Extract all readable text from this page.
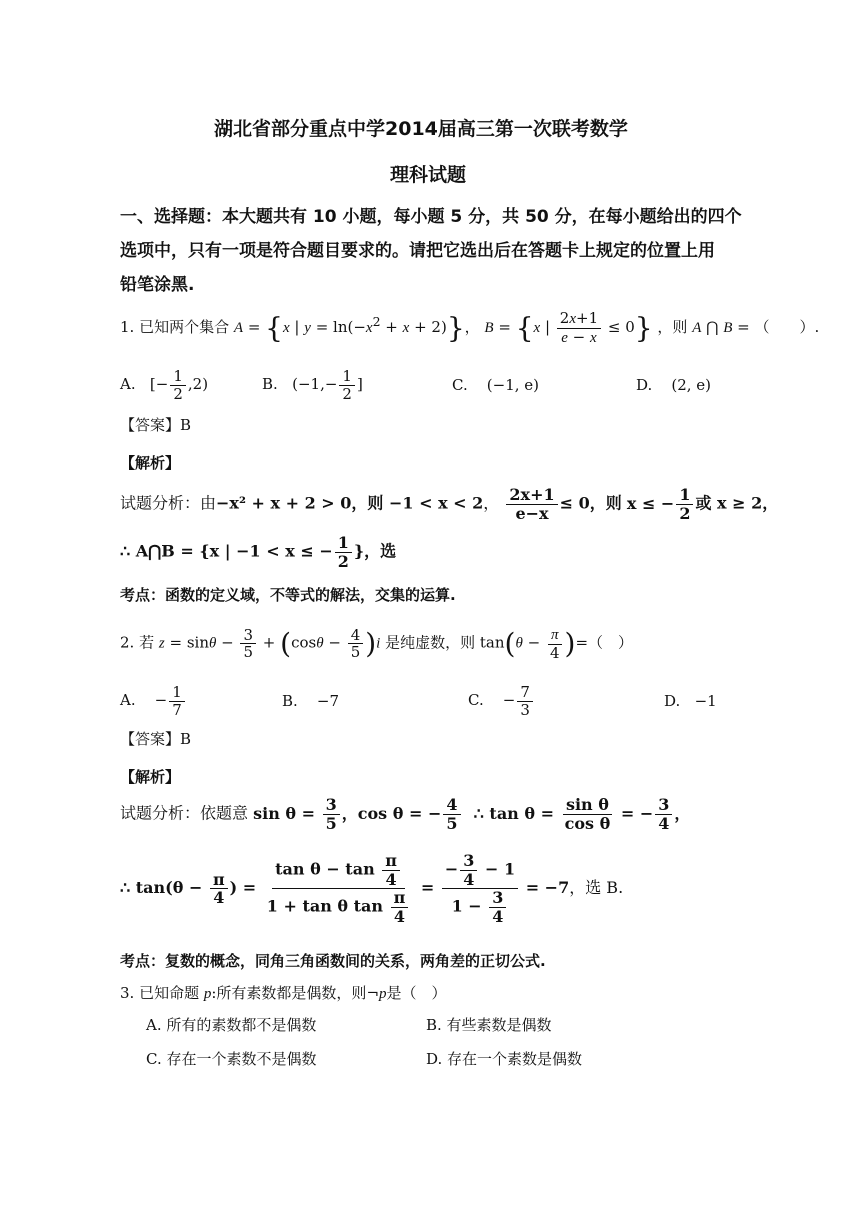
湖北省部分重点中学2014届高三第一次联考数学
理科试题
一、选择题：本大题共有 10 小题，每小题 5 分，共 50 分，在每小题给出的四个
选项中，只有一项是符合题目要求的。请把它选出后在答题卡上规定的位置上用
铅笔涂黑.
1. 已知两个集合 A = {x | $y = \ln(-x^2 + x + 2)$}， B = {x | $\frac{2x+1}{e - x} \le 0$} ，则 A ⋂ B = （　　）.
A. [− $\frac{1}{2} ,2$)	B. ($-1,- \frac{1}{2}$ ]	C. (−1, e)	D. (2, e)
【答案】B
【解析】
试题分析：由−x² + x + 2 > 0，则 −1 < x < 2， $\frac{2x+1}{e-x} \le 0$，则 x ≤ − $\frac{1}{2}$ 或 x ≥ 2，
∴ A⋂B = {x | −1 < x ≤ − $\frac{1}{2}$ }，选
考点：函数的定义域，不等式的解法，交集的运算.
2. 若 $z = \sin\theta - \frac{3}{5} + (\cos\theta - \frac{4}{5} )i$ 是纯虚数，则 $\tan(\theta - \frac{\pi}{4}$ )=（　）
A.    − $\frac{1}{7}$	B. −7	C.    − $\frac{7}{3}$	D. −1
【答案】B
【解析】
试题分析：依题意 $\sin \theta = \frac{3}{5}$ ，cos θ = − $\frac{4}{5}$ ∴ $\tan \theta = \frac{\text{sin θ}}{\text{cos θ}}$ = − $\frac{3}{4}$ ，
∴ $\tan(\theta - \frac{\pi}{4}$ ) = $\frac{\tan \theta - \tan \frac{\pi}{4}}{1 + \tan \theta \tan \frac{\pi}{4}} = \frac{- \frac{3}{4} - 1}{1 - \frac{3}{4}} = -7$，选 B.
考点：复数的概念，同角三角函数间的关系，两角差的正切公式.
3. 已知命题 p:所有素数都是偶数，则¬p是（　）
A. 所有的素数都不是偶数	B. 有些素数是偶数
C. 存在一个素数不是偶数	D. 存在一个素数是偶数
